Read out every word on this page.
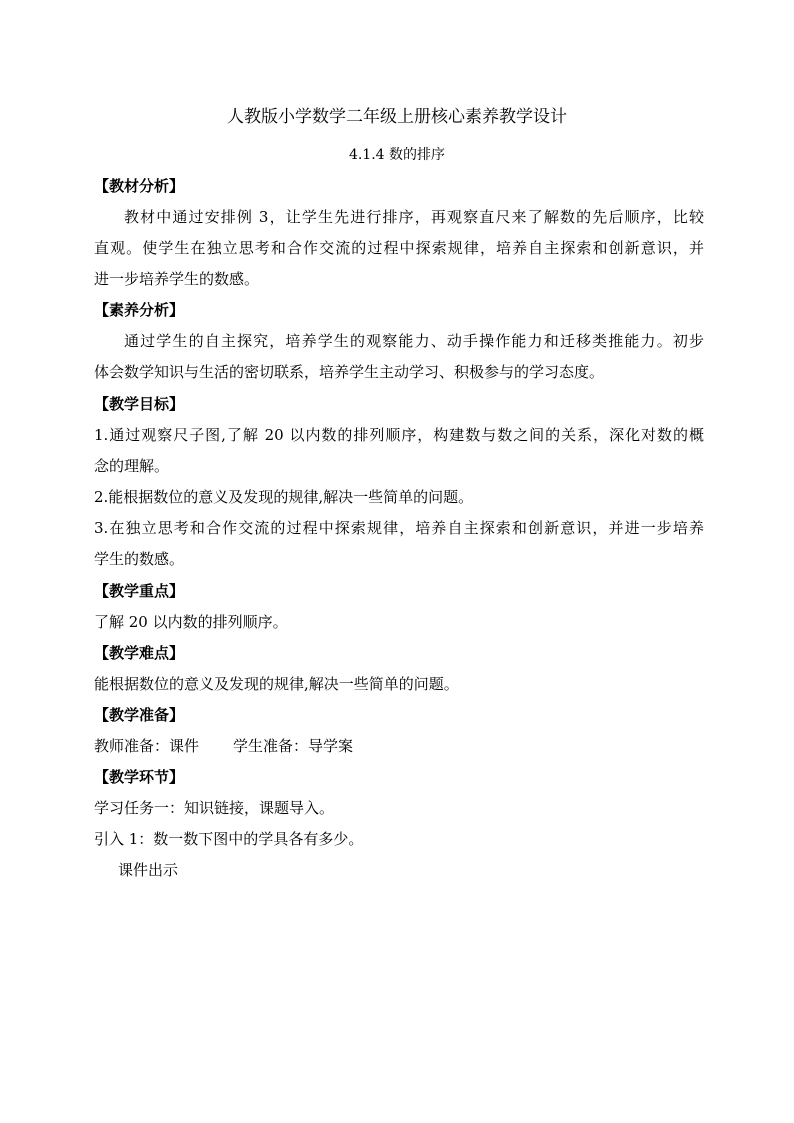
人教版小学数学二年级上册核心素养教学设计
4.1.4 数的排序
【教材分析】
教材中通过安排例 3，让学生先进行排序，再观察直尺来了解数的先后顺序，比较
直观。使学生在独立思考和合作交流的过程中探索规律，培养自主探索和创新意识，并
进一步培养学生的数感。
【素养分析】
通过学生的自主探究，培养学生的观察能力、动手操作能力和迁移类推能力。初步
体会数学知识与生活的密切联系，培养学生主动学习、积极参与的学习态度。
【教学目标】
1.通过观察尺子图,了解 20 以内数的排列顺序，构建数与数之间的关系，深化对数的概
念的理解。
2.能根据数位的意义及发现的规律,解决一些简单的问题。
3.在独立思考和合作交流的过程中探索规律，培养自主探索和创新意识，并进一步培养
学生的数感。
【教学重点】
了解 20 以内数的排列顺序。
【教学难点】
能根据数位的意义及发现的规律,解决一些简单的问题。
【教学准备】
教师准备：课件 学生准备：导学案
【教学环节】
学习任务一：知识链接，课题导入。
引入 1：数一数下图中的学具各有多少。
课件出示
